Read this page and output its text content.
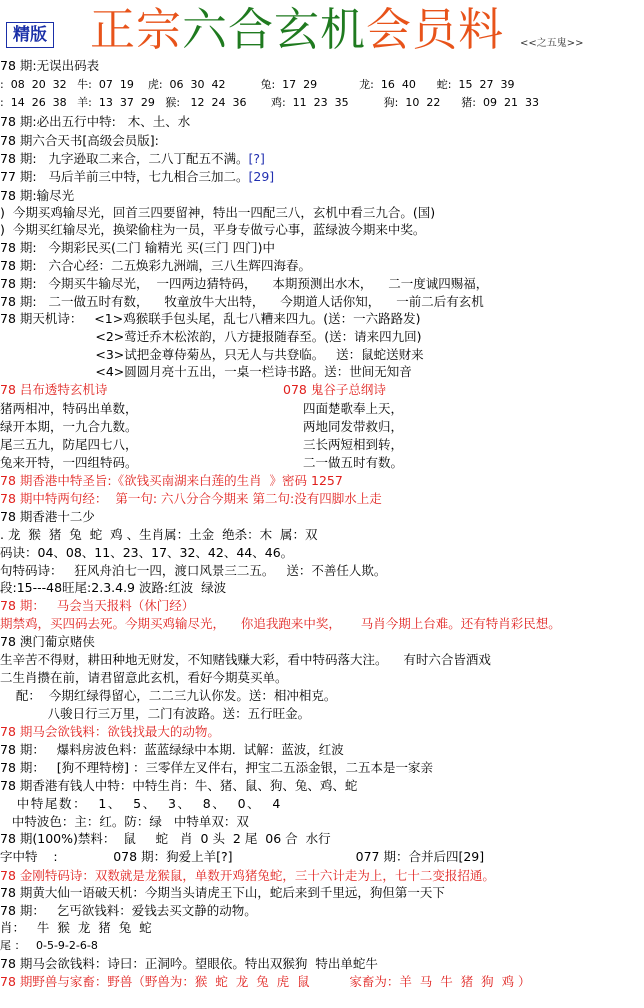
精版 正宗六合玄机会员料 <<之五鬼>>
78 期:无误出码表
:  08  20  32   牛:  07  19    虎:  06  30  42          兔:  17  29            龙:  16  40      蛇:  15  27  39
:  14  26  38   羊:  13  37  29   猴:   12  24  36       鸡:  11  23  35          狗:  10  22      猪:  09  21  33
78 期:必出五行中特:   木、土、水
78 期六合天书[高级会员版]:
78 期:   九字逊取二来合，二八丁配五不满。[?]
77 期:   马后羊前三中特，七九相合三加二。[29]
78 期:输尽光
)  今期买鸡输尽光，回首三四要留神，特出一四配三八，玄机中看三九合。(国)
)  今期买红输尽光，换梁偷柱为一员，平身专做亏心事，蓝绿波今期来中奖。
78 期:   今期彩民买(二门 输精光 买(三门 四门)中
78 期:   六合心经：二五焕彩九洲端，三八生辉四海春。
78 期:   今期买牛输尽光，  一四两边猜特码，    本期预测出水木，    二一度诚四赐福，
78 期:   二一做五时有数，    牧童放牛大出特，    今期道人话你知，    一前二后有玄机
78 期天机诗：   <1>鸡猴联手包头尾，乱七八糟来四九。(送：一六路路发)
<2>莺迁乔木松浓韵，八方捷报随春至。(送：请来四九回)
<3>试把金尊侍菊丛，只无人与共登临。   送：鼠蛇送财来
<4>圆圆月亮十五出，一桌一栏诗书路。送：世间无知音
78 吕布透特玄机诗	078 鬼谷子总纲诗
猪两相冲，特码出单数，	四面楚歌奉上天，
绿开本期，一九合九数。	两地同发带救归，
尾三五九，防尾四七八，	三长两短相到转，
兔来开特，一四组特码。	二一做五时有数。
78 期香港中特圣旨:《欲钱买南湖来白莲的生肖  》密码 1257
78 期中特两句经：  第一句: 六八分合今期来 第二句:没有四脚水上走
78 期香港十二少
. 龙  猴  猪  兔  蛇  鸡 、生肖属：土金  绝杀：木  属：双
码诀：04、08、11、23、17、32、42、44、46。
句特码诗：   狂风舟泊七一四，渡口风景三二五。   送：不善任人欺。
段:15---48旺尾:2.3.4.9 波路:红波  绿波
78 期：   马会当天报料（休门经）
期禁鸡，买四码去死。今期买鸡输尽光，    你追我跑来中奖，     马肖今期上台难。还有特肖彩民想。
78 澳门葡京赌侠
生辛苦不得财，耕田种地无财发，不知赌钱赚大彩，看中特码落大注。    有时六合皆酒戏
二生肖攒在前，请君留意此玄机，看好今期莫买单。
配：  今期红绿得留心，二二三九认你发。送：相冲相克。
八骏日行三万里，二门有波路。送：五行旺金。
78 期马会欲钱料：欲钱找最大的动物。
78 期：   爆料房波色料：蓝蓝绿绿中本期.  试解：蓝波，红波
78 期：   [狗不理特榜] ：三零佯左叉伴右，押宝二五添金银，二五本是一家亲
78 期香港有钱人中特：中特生肖：牛、猪、鼠、狗、兔、鸡、蛇
中特尾数：  1、  5、  3、  8、  0、  4
中特波色：主：红。防：绿   中特单双：双
78 期(100%)禁料：  鼠     蛇   肖  0 头  2 尾  06 合  水行
字中特    :              078 期：狗爱上羊[?]                               077 期：合并后四[29]
78 金刚特码诗：双数就是龙猴鼠，单数开鸡猪兔蛇，三十六计走为上，七十二变报招通。
78 期黄大仙一语破天机：今期当头请虎王下山，蛇后来到千里远，狗但第一天下
78 期：   乞丐欲钱料：爱钱去买文静的动物。
肖：   牛  猴  龙  猪  兔  蛇
尾 ：   0-5-9-2-6-8
78 期马会欲钱料：诗曰：正洞吟。望眼依。特出双猴狗  特出单蛇牛
78 期野兽与家畜：野兽（野兽为：猴  蛇  龙  兔  虎  鼠          家畜为：羊  马  牛  猪  狗  鸡 ）
